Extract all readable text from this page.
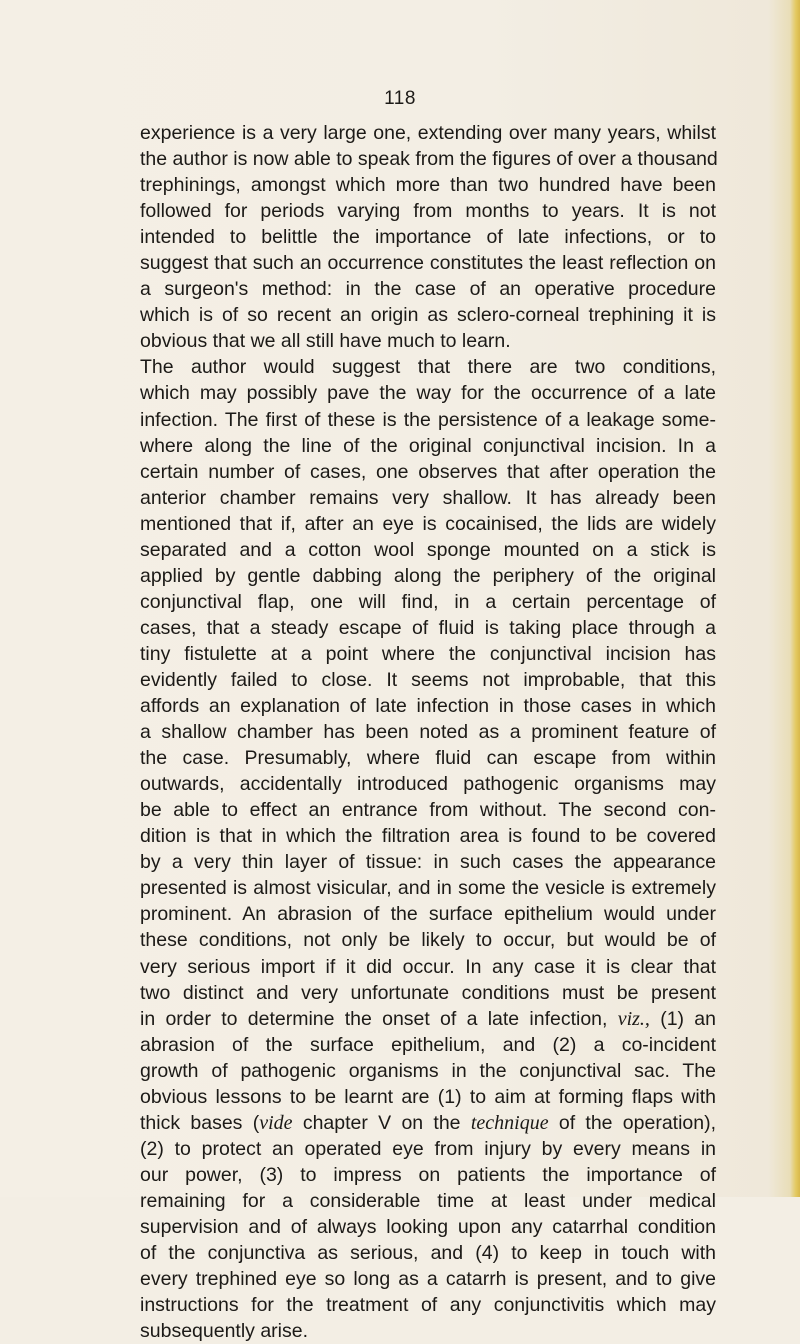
118
experience is a very large one, extending over many years, whilst
the author is now able to speak from the figures of over a thousand
trephinings, amongst which more than two hundred have been
followed for periods varying from months to years. It is not
intended to belittle the importance of late infections, or to
suggest that such an occurrence constitutes the least reflection on
a surgeon's method: in the case of an operative procedure
which is of so recent an origin as sclero-corneal trephining it is
obvious that we all still have much to learn.
The author would suggest that there are two conditions,
which may possibly pave the way for the occurrence of a late
infection. The first of these is the persistence of a leakage some-
where along the line of the original conjunctival incision. In a
certain number of cases, one observes that after operation the
anterior chamber remains very shallow. It has already been
mentioned that if, after an eye is cocainised, the lids are widely
separated and a cotton wool sponge mounted on a stick is
applied by gentle dabbing along the periphery of the original
conjunctival flap, one will find, in a certain percentage of
cases, that a steady escape of fluid is taking place through a
tiny fistulette at a point where the conjunctival incision has
evidently failed to close. It seems not improbable, that this
affords an explanation of late infection in those cases in which
a shallow chamber has been noted as a prominent feature of
the case. Presumably, where fluid can escape from within
outwards, accidentally introduced pathogenic organisms may
be able to effect an entrance from without. The second con-
dition is that in which the filtration area is found to be covered
by a very thin layer of tissue: in such cases the appearance
presented is almost visicular, and in some the vesicle is extremely
prominent. An abrasion of the surface epithelium would under
these conditions, not only be likely to occur, but would be of
very serious import if it did occur. In any case it is clear that
two distinct and very unfortunate conditions must be present
in order to determine the onset of a late infection, viz., (1) an
abrasion of the surface epithelium, and (2) a co-incident
growth of pathogenic organisms in the conjunctival sac. The
obvious lessons to be learnt are (1) to aim at forming flaps with
thick bases (vide chapter V on the technique of the operation),
(2) to protect an operated eye from injury by every means in
our power, (3) to impress on patients the importance of
remaining for a considerable time at least under medical
supervision and of always looking upon any catarrhal condition
of the conjunctiva as serious, and (4) to keep in touch with
every trephined eye so long as a catarrh is present, and to give
instructions for the treatment of any conjunctivitis which may
subsequently arise.
